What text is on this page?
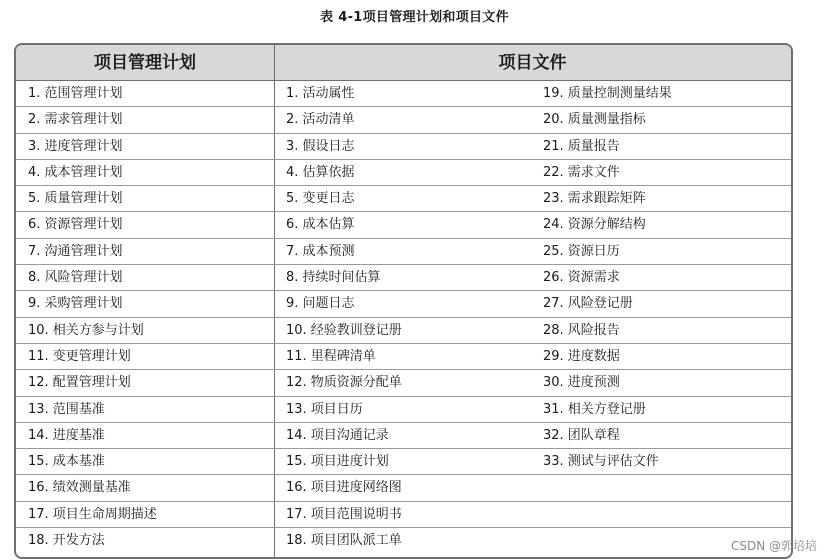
表 4-1项目管理计划和项目文件
项目管理计划	项目文件
1. 范围管理计划	1. 活动属性	19. 质量控制测量结果
2. 需求管理计划	2. 活动清单	20. 质量测量指标
3. 进度管理计划	3. 假设日志	21. 质量报告
4. 成本管理计划	4. 估算依据	22. 需求文件
5. 质量管理计划	5. 变更日志	23. 需求跟踪矩阵
6. 资源管理计划	6. 成本估算	24. 资源分解结构
7. 沟通管理计划	7. 成本预测	25. 资源日历
8. 风险管理计划	8. 持续时间估算	26. 资源需求
9. 采购管理计划	9. 问题日志	27. 风险登记册
10. 相关方参与计划	10. 经验教训登记册	28. 风险报告
11. 变更管理计划	11. 里程碑清单	29. 进度数据
12. 配置管理计划	12. 物质资源分配单	30. 进度预测
13. 范围基准	13. 项目日历	31. 相关方登记册
14. 进度基准	14. 项目沟通记录	32. 团队章程
15. 成本基准	15. 项目进度计划	33. 测试与评估文件
16. 绩效测量基准	16. 项目进度网络图
17. 项目生命周期描述	17. 项目范围说明书
18. 开发方法	18. 项目团队派工单	CSDN @郭培培
